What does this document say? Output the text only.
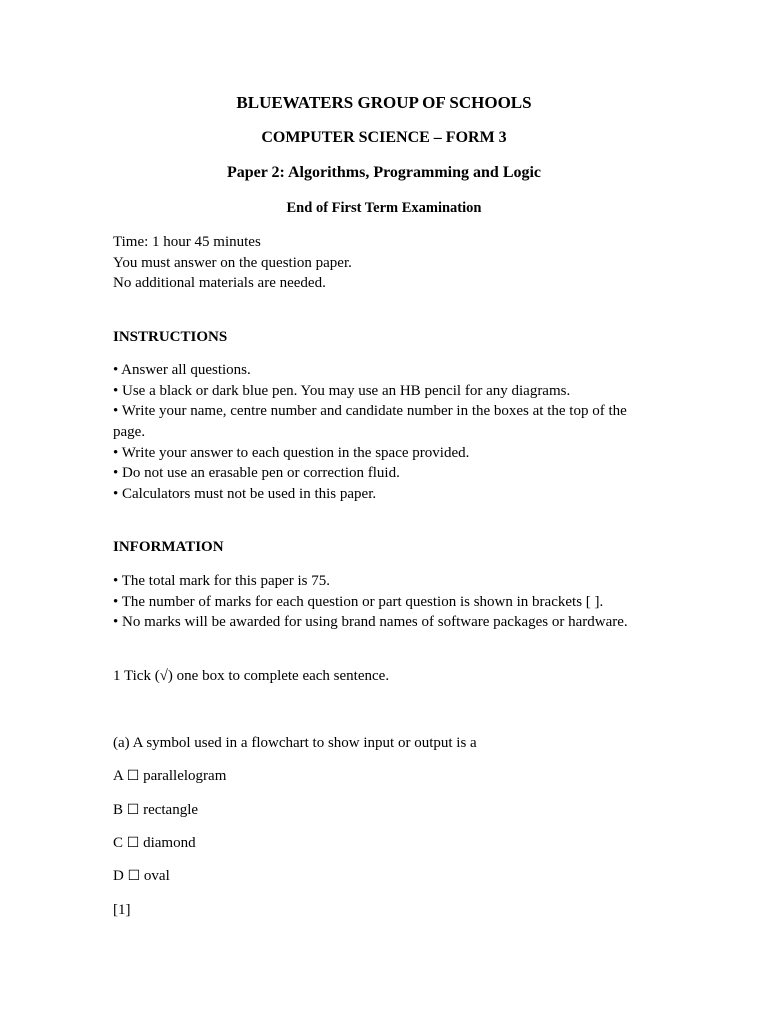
BLUEWATERS GROUP OF SCHOOLS
COMPUTER SCIENCE – FORM 3
Paper 2: Algorithms, Programming and Logic
End of First Term Examination
Time: 1 hour 45 minutes
You must answer on the question paper.
No additional materials are needed.
INSTRUCTIONS
• Answer all questions.
• Use a black or dark blue pen. You may use an HB pencil for any diagrams.
• Write your name, centre number and candidate number in the boxes at the top of the page.
• Write your answer to each question in the space provided.
• Do not use an erasable pen or correction fluid.
• Calculators must not be used in this paper.
INFORMATION
• The total mark for this paper is 75.
• The number of marks for each question or part question is shown in brackets [ ].
• No marks will be awarded for using brand names of software packages or hardware.
1 Tick (√) one box to complete each sentence.
(a) A symbol used in a flowchart to show input or output is a
A ☐ parallelogram
B ☐ rectangle
C ☐ diamond
D ☐ oval
[1]
